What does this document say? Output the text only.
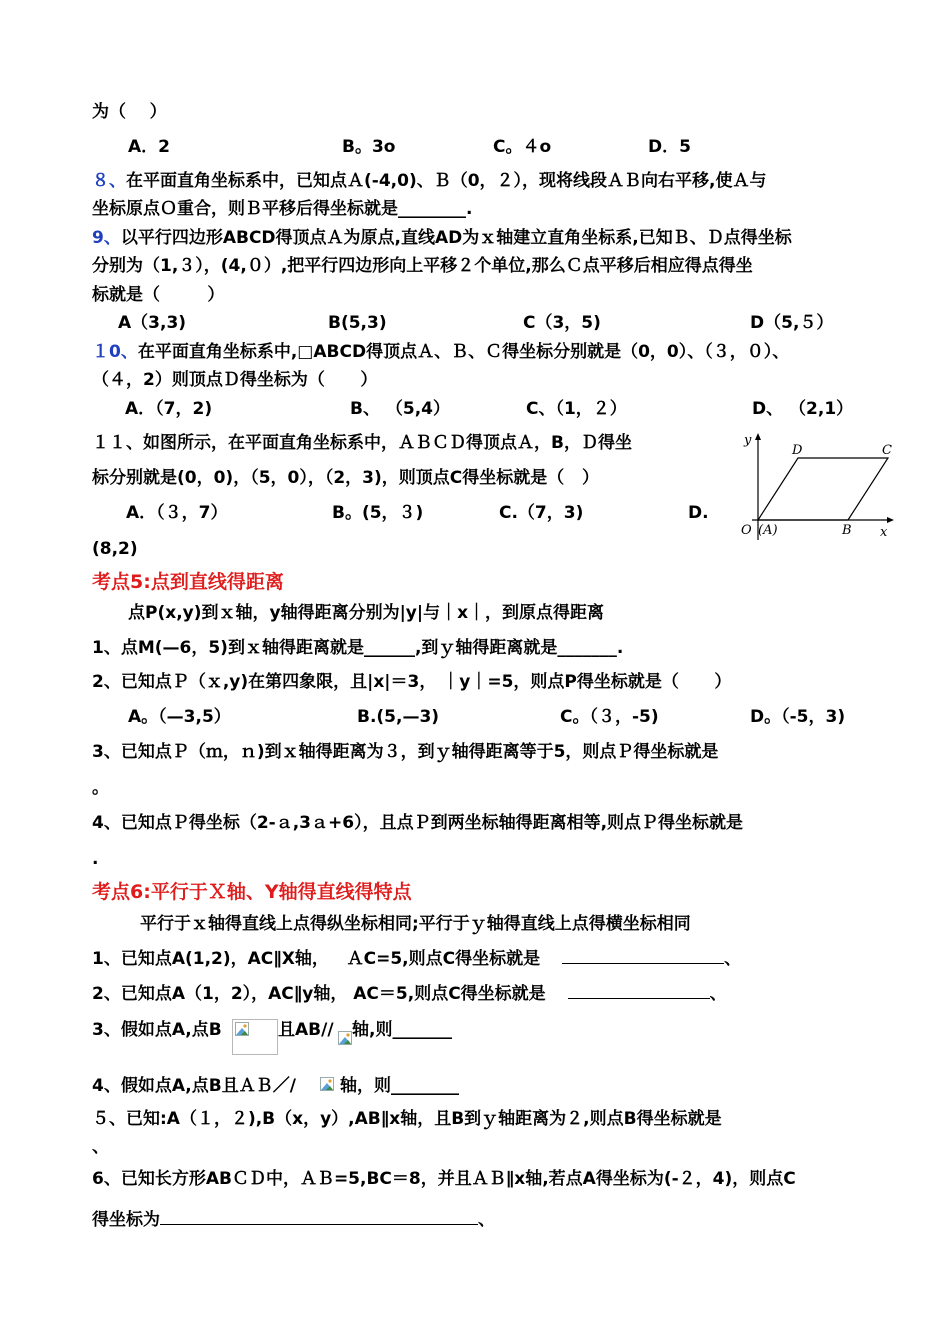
为（    ）
A．2	B。3o	C。４o	D．5
８、在平面直角坐标系中，已知点Ａ(-4,0)、Ｂ（0，２），现将线段ＡＢ向右平移,使Ａ与
坐标原点Ｏ重合，则Ｂ平移后得坐标就是________.
9、以平行四边形ABCD得顶点Ａ为原点,直线AD为ｘ轴建立直角坐标系,已知Ｂ、Ｄ点得坐标
分别为（1,３），(4,０）,把平行四边形向上平移２个单位,那么Ｃ点平移后相应得点得坐
标就是（        ）
A（3,3)	B(5,3)	C（3，5)	D（5,５）
１0、在平面直角坐标系中,□ABCD得顶点Ａ、Ｂ、Ｃ得坐标分别就是（0，0）、（３，０）、
（４，2）则顶点Ｄ得坐标为（      ）
A．（7，2)	B、 （5,4）	C、（1，２）	D、 （2,1）
１１、如图所示，在平面直角坐标系中，ＡＢＣＤ得顶点Ａ，B，Ｄ得坐
标分别就是(0，0)，（5，0），（2，3)，则顶点C得坐标就是（   ）
A．（３，7）	B。(5，３)	C.（7，3)	D.
(8,2)
y
x
O (A)	B
C
D
考点5:点到直线得距离
点P(x,y)到ｘ轴，y轴得距离分别为|y|与｜x｜，到原点得距离
1、点M(—6，5)到ｘ轴得距离就是______,到ｙ轴得距离就是_______.
2、已知点Ｐ（ｘ,y)在第四象限，且|x|＝3， ｜y｜=5，则点P得坐标就是（      ）
A。（—3,5）	B.(5,—3)	C。（３，-5)	D。（-5，3)
3、已知点Ｐ（ｍ，ｎ)到ｘ轴得距离为３，到ｙ轴得距离等于5，则点Ｐ得坐标就是
。
4、已知点Ｐ得坐标（2-ａ,3ａ+6），且点Ｐ到两坐标轴得距离相等,则点Ｐ得坐标就是
.
考点6:平行于Ｘ轴、Y轴得直线得特点
平行于ｘ轴得直线上点得纵坐标相同;平行于ｙ轴得直线上点得横坐标相同
1、已知点A(1,2)，AC∥X轴，   ＡC=5,则点C得坐标就是	、
2、已知点A（1，2），AC∥y轴， AC＝5,则点C得坐标就是	、
3、假如点A,点B	且AB// 轴,则_______
4、假如点A,点B且ＡＢ／/	轴，则________
５、已知:A（１，２),B（x，y）,AB∥x轴，且B到ｙ轴距离为２,则点B得坐标就是
、
6、已知长方形ABＣＤ中，ＡＢ=5,BC＝8，并且ＡＢ∥x轴,若点A得坐标为(-２，4)，则点C
得坐标为	、
